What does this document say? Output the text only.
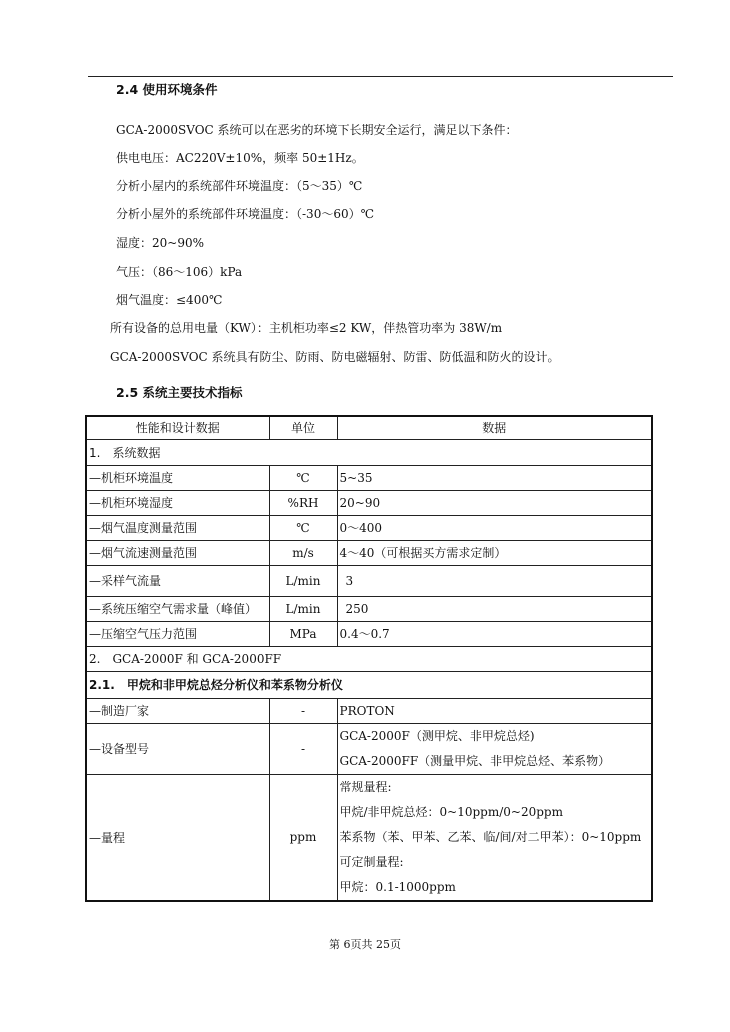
2.4 使用环境条件
GCA-2000SVOC 系统可以在恶劣的环境下长期安全运行，满足以下条件：
供电电压：AC220V±10%，频率 50±1Hz。
分析小屋内的系统部件环境温度：（5～35）℃
分析小屋外的系统部件环境温度：（-30～60）℃
湿度：20~90%
气压：（86～106）kPa
烟气温度：≤400℃
所有设备的总用电量（KW）：主机柜功率≤2 KW，伴热管功率为 38W/m
GCA-2000SVOC 系统具有防尘、防雨、防电磁辐射、防雷、防低温和防火的设计。
2.5 系统主要技术指标
性能和设计数据	单位	数据
1.　系统数据		
—机柜环境温度	℃	5~35
—机柜环境湿度	%RH	20~90
—烟气温度测量范围	℃	0～400
—烟气流速测量范围	m/s	4～40（可根据买方需求定制）
—采样气流量	L/min	3
—系统压缩空气需求量（峰值）	L/min	250
—压缩空气压力范围	MPa	0.4～0.7
2.　GCA-2000F 和 GCA-2000FF		
2.1.　甲烷和非甲烷总烃分析仪和苯系物分析仪		
—制造厂家	-	PROTON
—设备型号	-	GCA-2000F（测甲烷、非甲烷总烃)
GCA-2000FF（测量甲烷、非甲烷总烃、苯系物）

—量程	ppm	常规量程:
甲烷/非甲烷总烃：0~10ppm/0~20ppm
苯系物（苯、甲苯、乙苯、临/间/对二甲苯）：0~10ppm
可定制量程:
甲烷：0.1-1000ppm
第 6页共 25页
